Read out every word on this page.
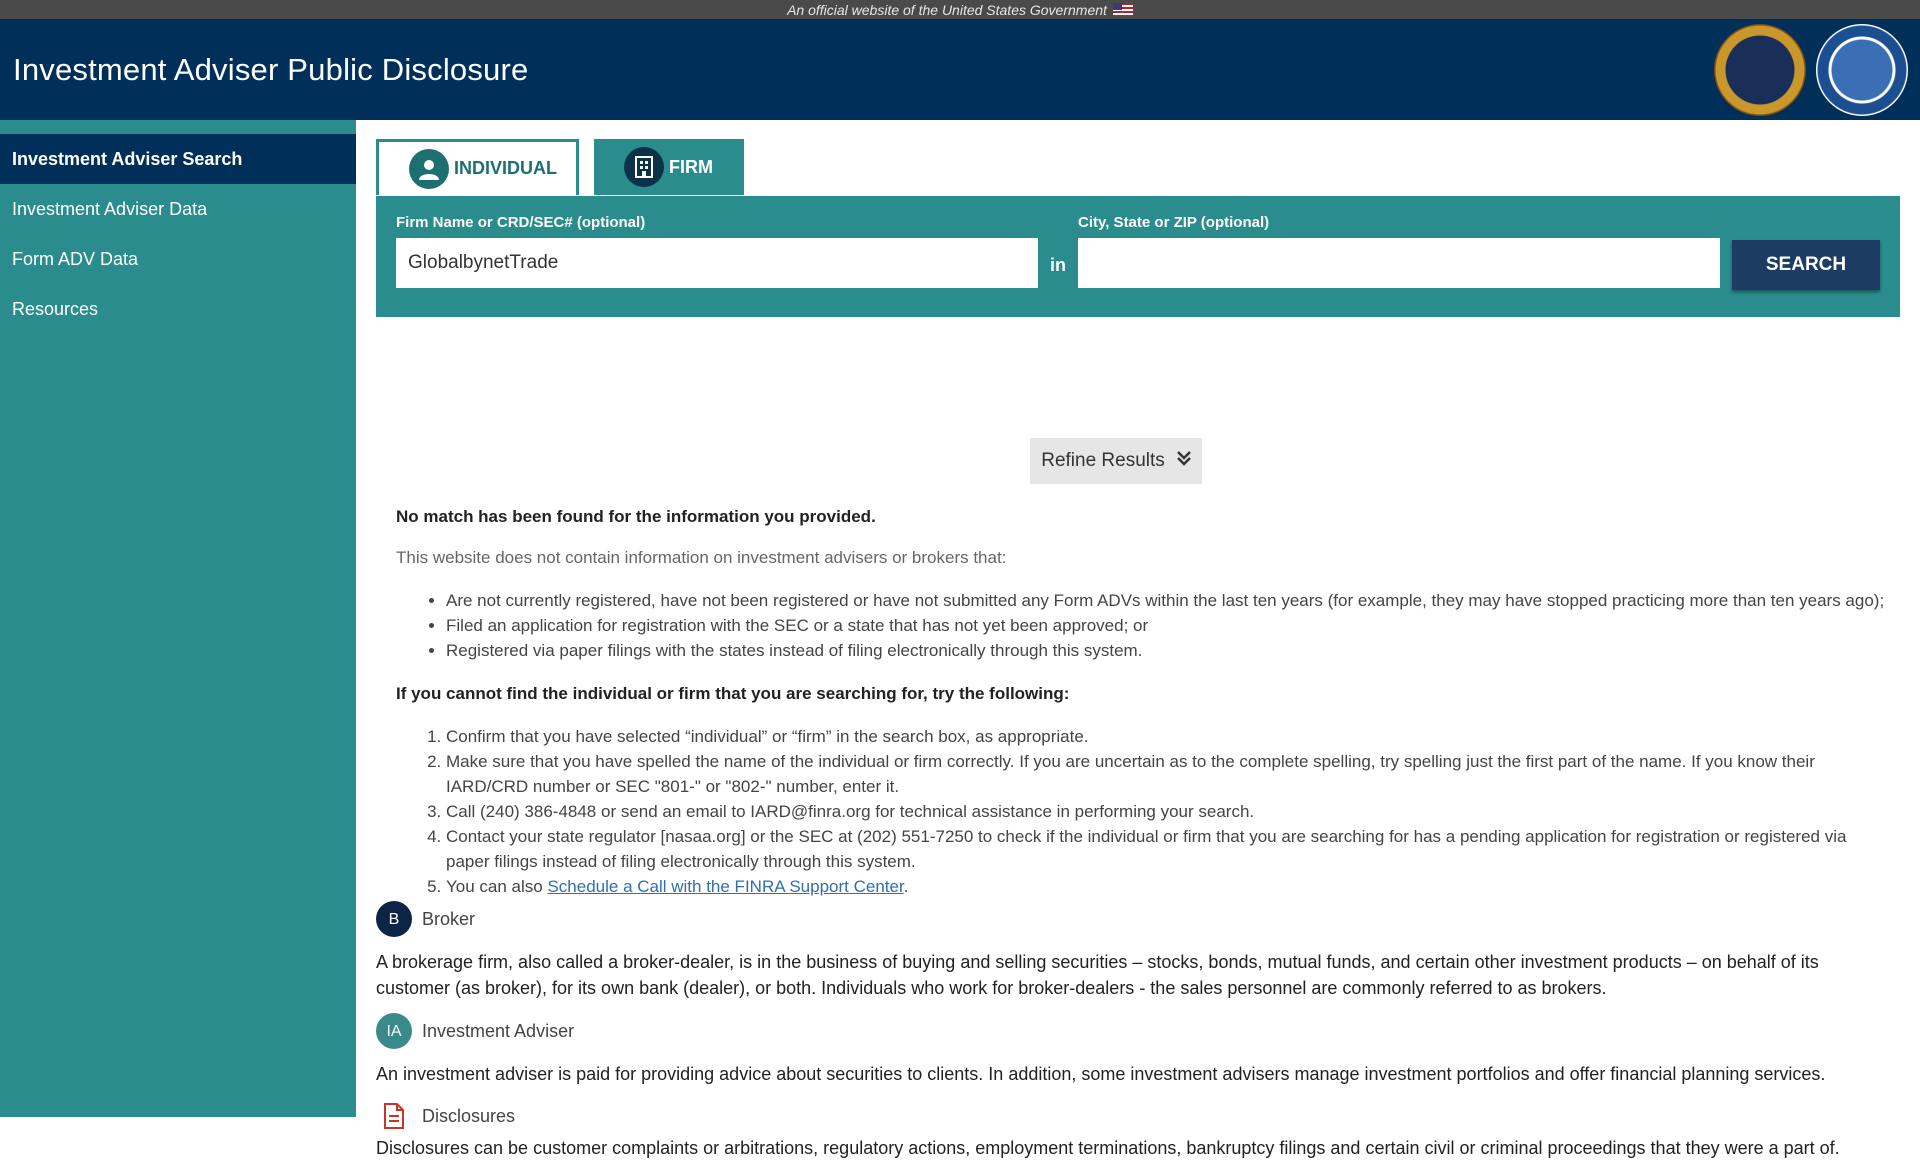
An official website of the United States Government
Investment Adviser Public Disclosure
Investment Adviser Search
Investment Adviser Data
Form ADV Data
Resources
INDIVIDUAL	FIRM
Firm Name or CRD/SEC# (optional)
GlobalbynetTrade
in
City, State or ZIP (optional)
SEARCH
Refine Results
No match has been found for the information you provided.
This website does not contain information on investment advisers or brokers that:
• Are not currently registered, have not been registered or have not submitted any Form ADVs within the last ten years (for example, they may have stopped practicing more than ten years ago);
• Filed an application for registration with the SEC or a state that has not yet been approved; or
• Registered via paper filings with the states instead of filing electronically through this system.
If you cannot find the individual or firm that you are searching for, try the following:
1. Confirm that you have selected “individual” or “firm” in the search box, as appropriate.
2. Make sure that you have spelled the name of the individual or firm correctly. If you are uncertain as to the complete spelling, try spelling just the first part of the name. If you know their IARD/CRD number or SEC "801-" or "802-" number, enter it.
3. Call (240) 386-4848 or send an email to IARD@finra.org for technical assistance in performing your search.
4. Contact your state regulator [nasaa.org] or the SEC at (202) 551-7250 to check if the individual or firm that you are searching for has a pending application for registration or registered via paper filings instead of filing electronically through this system.
5. You can also Schedule a Call with the FINRA Support Center.
B	Broker
A brokerage firm, also called a broker-dealer, is in the business of buying and selling securities – stocks, bonds, mutual funds, and certain other investment products – on behalf of its customer (as broker), for its own bank (dealer), or both. Individuals who work for broker-dealers - the sales personnel are commonly referred to as brokers.
IA	Investment Adviser
An investment adviser is paid for providing advice about securities to clients. In addition, some investment advisers manage investment portfolios and offer financial planning services.
Disclosures
Disclosures can be customer complaints or arbitrations, regulatory actions, employment terminations, bankruptcy filings and certain civil or criminal proceedings that they were a part of.
